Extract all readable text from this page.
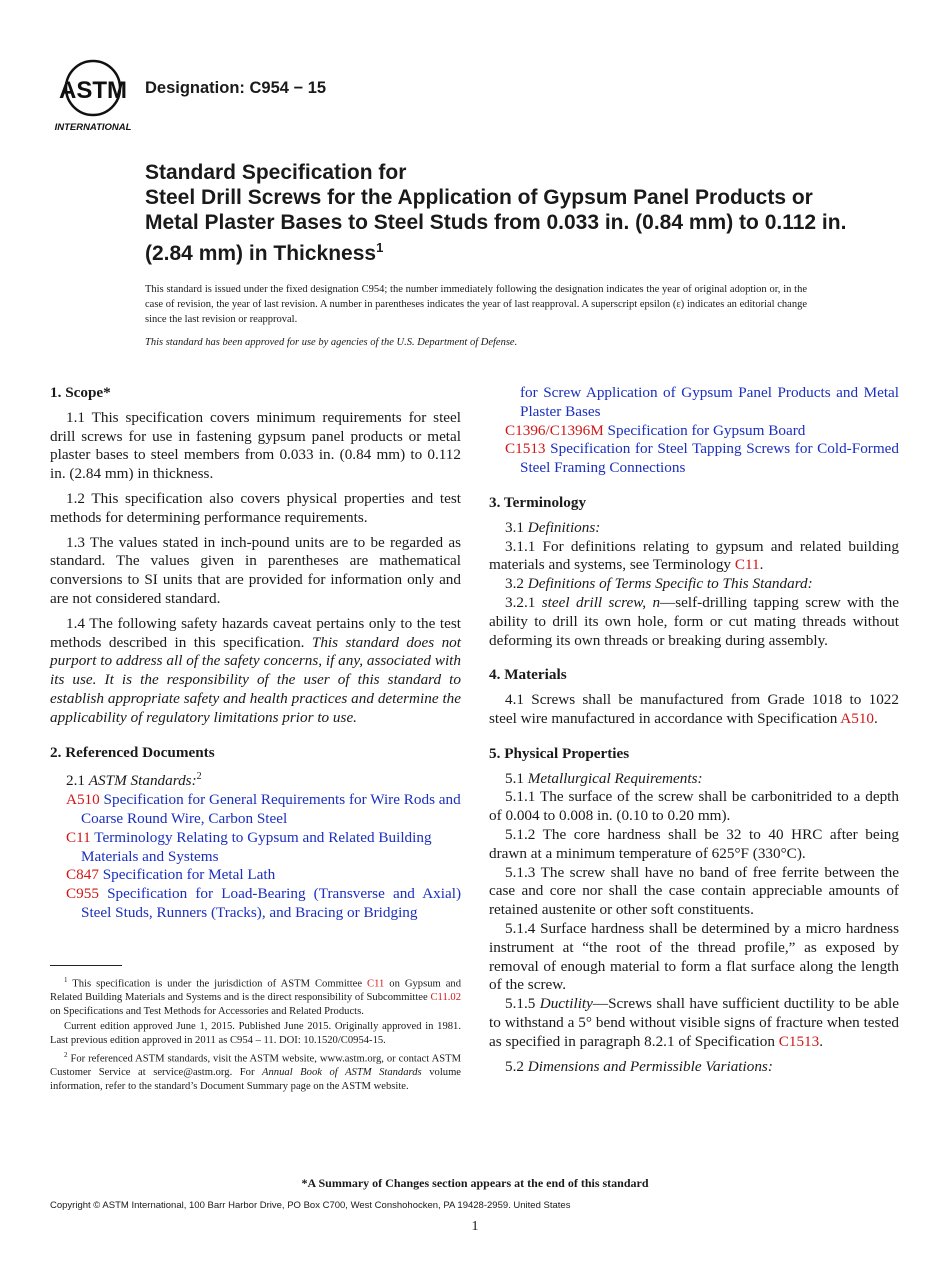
ASTM
INTERNATIONAL
Designation: C954 − 15
Standard Specification for
Steel Drill Screws for the Application of Gypsum Panel Products or Metal Plaster Bases to Steel Studs from 0.033 in. (0.84 mm) to 0.112 in. (2.84 mm) in Thickness$^1$
This standard is issued under the fixed designation C954; the number immediately following the designation indicates the year of original adoption or, in the case of revision, the year of last revision. A number in parentheses indicates the year of last reapproval. A superscript epsilon (ε) indicates an editorial change since the last revision or reapproval.
This standard has been approved for use by agencies of the U.S. Department of Defense.

1. Scope*

1.1 This specification covers minimum requirements for steel drill screws for use in fastening gypsum panel products or metal plaster bases to steel members from 0.033 in. (0.84 mm) to 0.112 in. (2.84 mm) in thickness.

1.2 This specification also covers physical properties and test methods for determining performance requirements.

1.3 The values stated in inch-pound units are to be regarded as standard. The values given in parentheses are mathematical conversions to SI units that are provided for information only and are not considered standard.

1.4 The following safety hazards caveat pertains only to the test methods described in this specification. This standard does not purport to address all of the safety concerns, if any, associated with its use. It is the responsibility of the user of this standard to establish appropriate safety and health practices and determine the applicability of regulatory limitations prior to use.

2. Referenced Documents

2.1 ASTM Standards:$^2$

A510 Specification for General Requirements for Wire Rods and Coarse Round Wire, Carbon Steel

C11 Terminology Relating to Gypsum and Related Building Materials and Systems

C847 Specification for Metal Lath

C955 Specification for Load-Bearing (Transverse and Axial) Steel Studs, Runners (Tracks), and Bracing or Bridging

for Screw Application of Gypsum Panel Products and Metal Plaster Bases

C1396/C1396M Specification for Gypsum Board

C1513 Specification for Steel Tapping Screws for Cold-Formed Steel Framing Connections

3. Terminology

3.1 Definitions:

3.1.1 For definitions relating to gypsum and related building materials and systems, see Terminology C11.

3.2 Definitions of Terms Specific to This Standard:

3.2.1 steel drill screw, n—self-drilling tapping screw with the ability to drill its own hole, form or cut mating threads without deforming its own threads or breaking during assembly.

4. Materials

4.1 Screws shall be manufactured from Grade 1018 to 1022 steel wire manufactured in accordance with Specification A510.

5. Physical Properties

5.1 Metallurgical Requirements:

5.1.1 The surface of the screw shall be carbonitrided to a depth of 0.004 to 0.008 in. (0.10 to 0.20 mm).

5.1.2 The core hardness shall be 32 to 40 HRC after being drawn at a minimum temperature of 625°F (330°C).

5.1.3 The screw shall have no band of free ferrite between the case and core nor shall the case contain appreciable amounts of retained austenite or other soft constituents.

5.1.4 Surface hardness shall be determined by a micro hardness instrument at “the root of the thread profile,” as exposed by removal of enough material to form a flat surface along the length of the screw.

5.1.5 Ductility—Screws shall have sufficient ductility to be able to withstand a 5° bend without visible signs of fracture when tested as specified in paragraph 8.2.1 of Specification C1513.

5.2 Dimensions and Permissible Variations:

$^1$ This specification is under the jurisdiction of ASTM Committee C11 on Gypsum and Related Building Materials and Systems and is the direct responsibility of Subcommittee C11.02 on Specifications and Test Methods for Accessories and Related Products.

Current edition approved June 1, 2015. Published June 2015. Originally approved in 1981. Last previous edition approved in 2011 as C954 – 11. DOI: 10.1520/C0954-15.

$^2$ For referenced ASTM standards, visit the ASTM website, www.astm.org, or contact ASTM Customer Service at service@astm.org. For Annual Book of ASTM Standards volume information, refer to the standard’s Document Summary page on the ASTM website.

*A Summary of Changes section appears at the end of this standard
Copyright © ASTM International, 100 Barr Harbor Drive, PO Box C700, West Conshohocken, PA 19428-2959. United States
1
